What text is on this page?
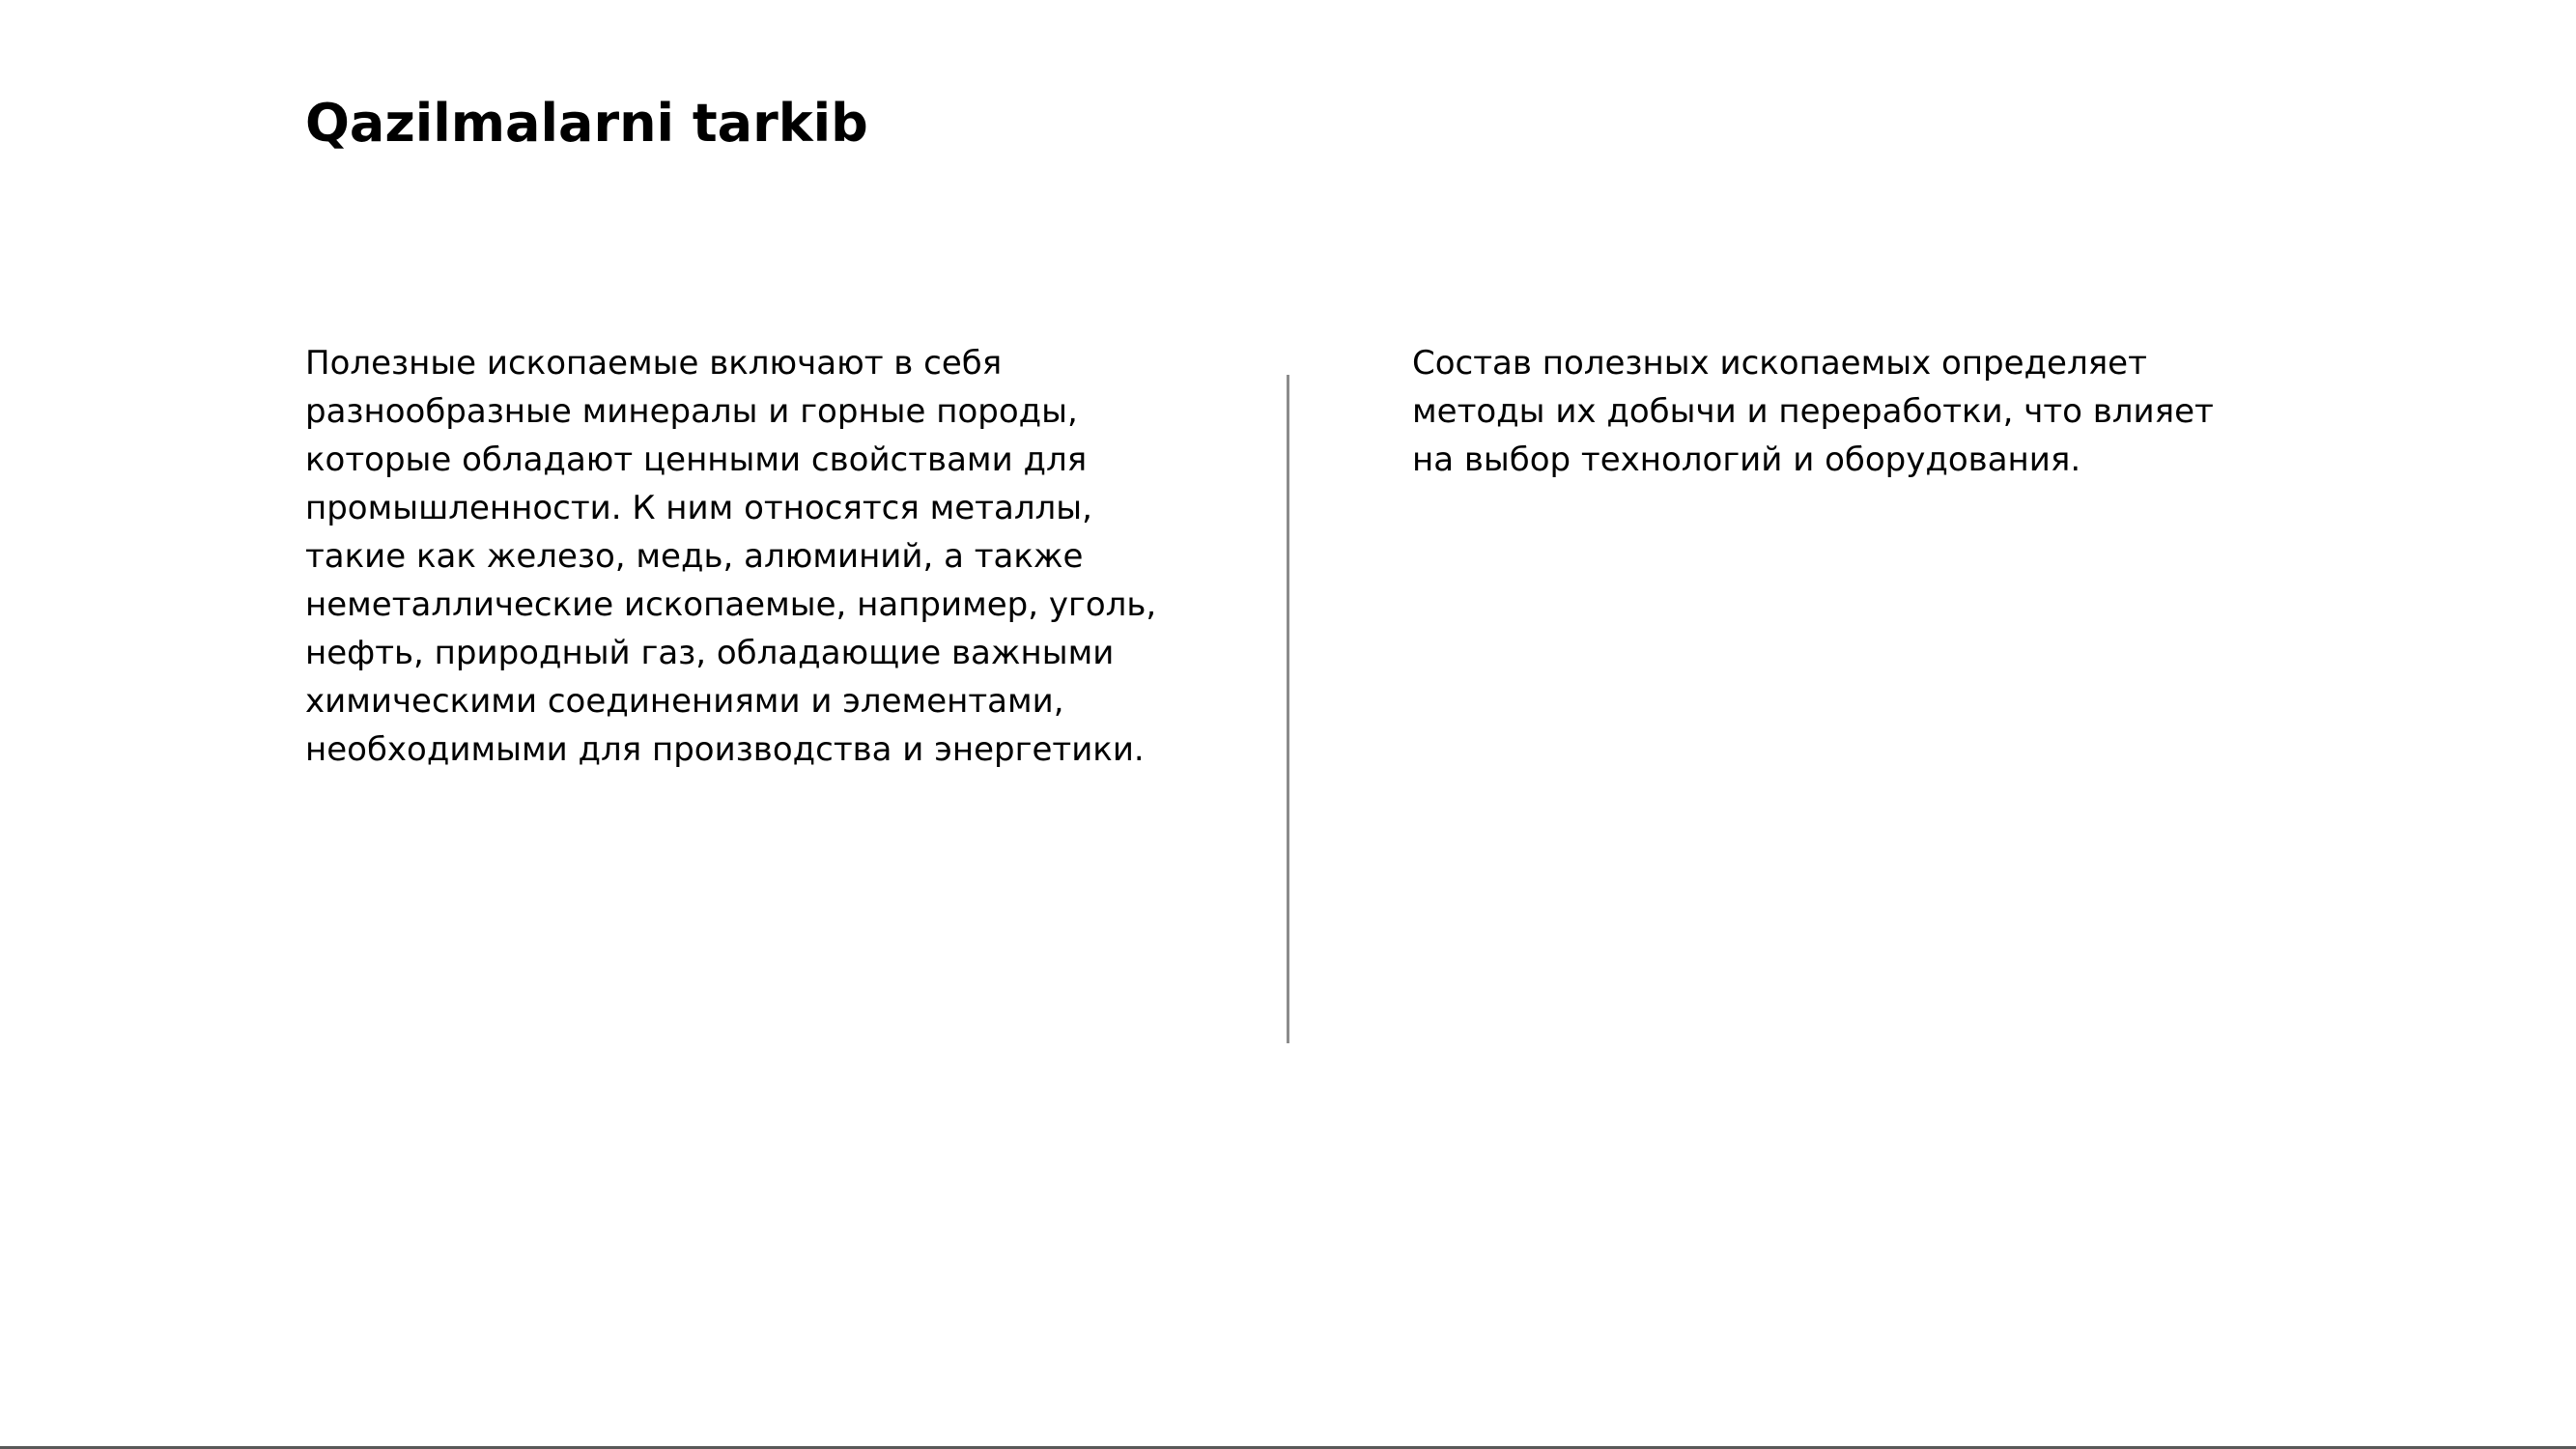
Qazilmalarni tarkib
Полезные ископаемые включают в себя
разнообразные минералы и горные породы,
которые обладают ценными свойствами для
промышленности. К ним относятся металлы,
такие как железо, медь, алюминий, а также
неметаллические ископаемые, например, уголь,
нефть, природный газ, обладающие важными
химическими соединениями и элементами,
необходимыми для производства и энергетики.
Состав полезных ископаемых определяет
методы их добычи и переработки, что влияет
на выбор технологий и оборудования.
